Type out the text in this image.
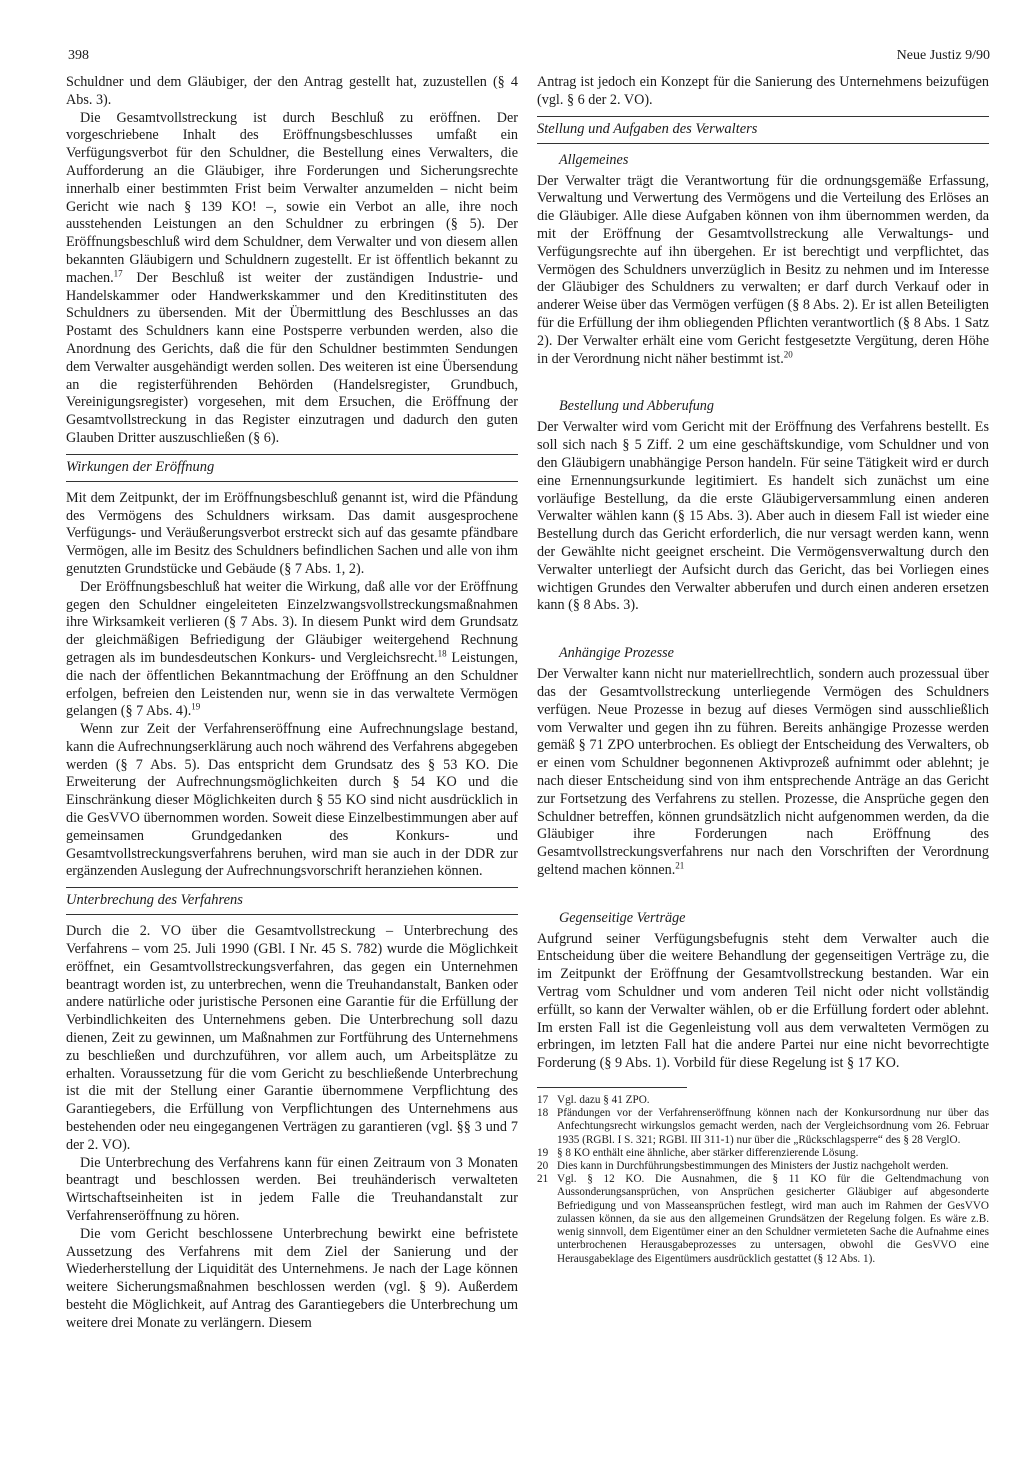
398	Neue Justiz 9/90

Schuldner und dem Gläubiger, der den Antrag gestellt hat, zuzustellen (§ 4 Abs. 3).

Die Gesamtvollstreckung ist durch Beschluß zu eröffnen. Der vorgeschriebene Inhalt des Eröffnungsbeschlusses umfaßt ein Verfügungsverbot für den Schuldner, die Bestellung eines Verwalters, die Aufforderung an die Gläubiger, ihre Forderungen und Sicherungsrechte innerhalb einer bestimmten Frist beim Verwalter anzumelden – nicht beim Gericht wie nach § 139 KO! –, sowie ein Verbot an alle, ihre noch ausstehenden Leistungen an den Schuldner zu erbringen (§ 5). Der Eröffnungsbeschluß wird dem Schuldner, dem Verwalter und von diesem allen bekannten Gläubigern und Schuldnern zugestellt. Er ist öffentlich bekannt zu machen.$^{17}$ Der Beschluß ist weiter der zuständigen Industrie- und Handelskammer oder Handwerkskammer und den Kreditinstituten des Schuldners zu übersenden. Mit der Übermittlung des Beschlusses an das Postamt des Schuldners kann eine Postsperre verbunden werden, also die Anordnung des Gerichts, daß die für den Schuldner bestimmten Sendungen dem Verwalter ausgehändigt werden sollen. Des weiteren ist eine Übersendung an die registerführenden Behörden (Handelsregister, Grundbuch, Vereinigungsregister) vorgesehen, mit dem Ersuchen, die Eröffnung der Gesamtvollstreckung in das Register einzutragen und dadurch den guten Glauben Dritter auszuschließen (§ 6).

Wirkungen der Eröffnung

Mit dem Zeitpunkt, der im Eröffnungsbeschluß genannt ist, wird die Pfändung des Vermögens des Schuldners wirksam. Das damit ausgesprochene Verfügungs- und Veräußerungsverbot erstreckt sich auf das gesamte pfändbare Vermögen, alle im Besitz des Schuldners befindlichen Sachen und alle von ihm genutzten Grundstücke und Gebäude (§ 7 Abs. 1, 2).

Der Eröffnungsbeschluß hat weiter die Wirkung, daß alle vor der Eröffnung gegen den Schuldner eingeleiteten Einzelzwangsvollstreckungsmaßnahmen ihre Wirksamkeit verlieren (§ 7 Abs. 3). In diesem Punkt wird dem Grundsatz der gleichmäßigen Befriedigung der Gläubiger weitergehend Rechnung getragen als im bundesdeutschen Konkurs- und Vergleichsrecht.$^{18}$ Leistungen, die nach der öffentlichen Bekanntmachung der Eröffnung an den Schuldner erfolgen, befreien den Leistenden nur, wenn sie in das verwaltete Vermögen gelangen (§ 7 Abs. 4).$^{19}$

Wenn zur Zeit der Verfahrenseröffnung eine Aufrechnungslage bestand, kann die Aufrechnungserklärung auch noch während des Verfahrens abgegeben werden (§ 7 Abs. 5). Das entspricht dem Grundsatz des § 53 KO. Die Erweiterung der Aufrechnungsmöglichkeiten durch § 54 KO und die Einschränkung dieser Möglichkeiten durch § 55 KO sind nicht ausdrücklich in die GesVVO übernommen worden. Soweit diese Einzelbestimmungen aber auf gemeinsamen Grundgedanken des Konkurs- und Gesamtvollstreckungsverfahrens beruhen, wird man sie auch in der DDR zur ergänzenden Auslegung der Aufrechnungsvorschrift heranziehen können.

Unterbrechung des Verfahrens

Durch die 2. VO über die Gesamtvollstreckung – Unterbrechung des Verfahrens – vom 25. Juli 1990 (GBl. I Nr. 45 S. 782) wurde die Möglichkeit eröffnet, ein Gesamtvollstreckungsverfahren, das gegen ein Unternehmen beantragt worden ist, zu unterbrechen, wenn die Treuhandanstalt, Banken oder andere natürliche oder juristische Personen eine Garantie für die Erfüllung der Verbindlichkeiten des Unternehmens geben. Die Unterbrechung soll dazu dienen, Zeit zu gewinnen, um Maßnahmen zur Fortführung des Unternehmens zu beschließen und durchzuführen, vor allem auch, um Arbeitsplätze zu erhalten. Voraussetzung für die vom Gericht zu beschließende Unterbrechung ist die mit der Stellung einer Garantie übernommene Verpflichtung des Garantiegebers, die Erfüllung von Verpflichtungen des Unternehmens aus bestehenden oder neu eingegangenen Verträgen zu garantieren (vgl. §§ 3 und 7 der 2. VO).

Die Unterbrechung des Verfahrens kann für einen Zeitraum von 3 Monaten beantragt und beschlossen werden. Bei treuhänderisch verwalteten Wirtschaftseinheiten ist in jedem Falle die Treuhandanstalt zur Verfahrenseröffnung zu hören.

Die vom Gericht beschlossene Unterbrechung bewirkt eine befristete Aussetzung des Verfahrens mit dem Ziel der Sanierung und der Wiederherstellung der Liquidität des Unternehmens. Je nach der Lage können weitere Sicherungsmaßnahmen beschlossen werden (vgl. § 9). Außerdem besteht die Möglichkeit, auf Antrag des Garantiegebers die Unterbrechung um weitere drei Monate zu verlängern. Diesem

Antrag ist jedoch ein Konzept für die Sanierung des Unternehmens beizufügen (vgl. § 6 der 2. VO).

Stellung und Aufgaben des Verwalters
Allgemeines

Der Verwalter trägt die Verantwortung für die ordnungsgemäße Erfassung, Verwaltung und Verwertung des Vermögens und die Verteilung des Erlöses an die Gläubiger. Alle diese Aufgaben können von ihm übernommen werden, da mit der Eröffnung der Gesamtvollstreckung alle Verwaltungs- und Verfügungsrechte auf ihn übergehen. Er ist berechtigt und verpflichtet, das Vermögen des Schuldners unverzüglich in Besitz zu nehmen und im Interesse der Gläubiger des Schuldners zu verwalten; er darf durch Verkauf oder in anderer Weise über das Vermögen verfügen (§ 8 Abs. 2). Er ist allen Beteiligten für die Erfüllung der ihm obliegenden Pflichten verantwortlich (§ 8 Abs. 1 Satz 2). Der Verwalter erhält eine vom Gericht festgesetzte Vergütung, deren Höhe in der Verordnung nicht näher bestimmt ist.$^{20}$

Bestellung und Abberufung

Der Verwalter wird vom Gericht mit der Eröffnung des Verfahrens bestellt. Es soll sich nach § 5 Ziff. 2 um eine geschäftskundige, vom Schuldner und von den Gläubigern unabhängige Person handeln. Für seine Tätigkeit wird er durch eine Ernennungsurkunde legitimiert. Es handelt sich zunächst um eine vorläufige Bestellung, da die erste Gläubigerversammlung einen anderen Verwalter wählen kann (§ 15 Abs. 3). Aber auch in diesem Fall ist wieder eine Bestellung durch das Gericht erforderlich, die nur versagt werden kann, wenn der Gewählte nicht geeignet erscheint. Die Vermögensverwaltung durch den Verwalter unterliegt der Aufsicht durch das Gericht, das bei Vorliegen eines wichtigen Grundes den Verwalter abberufen und durch einen anderen ersetzen kann (§ 8 Abs. 3).

Anhängige Prozesse

Der Verwalter kann nicht nur materiellrechtlich, sondern auch prozessual über das der Gesamtvollstreckung unterliegende Vermögen des Schuldners verfügen. Neue Prozesse in bezug auf dieses Vermögen sind ausschließlich vom Verwalter und gegen ihn zu führen. Bereits anhängige Prozesse werden gemäß § 71 ZPO unterbrochen. Es obliegt der Entscheidung des Verwalters, ob er einen vom Schuldner begonnenen Aktivprozeß aufnimmt oder ablehnt; je nach dieser Entscheidung sind von ihm entsprechende Anträge an das Gericht zur Fortsetzung des Verfahrens zu stellen. Prozesse, die Ansprüche gegen den Schuldner betreffen, können grundsätzlich nicht aufgenommen werden, da die Gläubiger ihre Forderungen nach Eröffnung des Gesamtvollstreckungsverfahrens nur nach den Vorschriften der Verordnung geltend machen können.$^{21}$

Gegenseitige Verträge

Aufgrund seiner Verfügungsbefugnis steht dem Verwalter auch die Entscheidung über die weitere Behandlung der gegenseitigen Verträge zu, die im Zeitpunkt der Eröffnung der Gesamtvollstreckung bestanden. War ein Vertrag vom Schuldner und vom anderen Teil nicht oder nicht vollständig erfüllt, so kann der Verwalter wählen, ob er die Erfüllung fordert oder ablehnt. Im ersten Fall ist die Gegenleistung voll aus dem verwalteten Vermögen zu erbringen, im letzten Fall hat die andere Partei nur eine nicht bevorrechtigte Forderung (§ 9 Abs. 1). Vorbild für diese Regelung ist § 17 KO.

17 Vgl. dazu § 41 ZPO.
18 Pfändungen vor der Verfahrenseröffnung können nach der Konkursordnung nur über das Anfechtungsrecht wirkungslos gemacht werden, nach der Vergleichsordnung vom 26. Februar 1935 (RGBl. I S. 321; RGBl. III 311-1) nur über die „Rückschlagsperre“ des § 28 VerglO.
19 § 8 KO enthält eine ähnliche, aber stärker differenzierende Lösung.
20 Dies kann in Durchführungsbestimmungen des Ministers der Justiz nachgeholt werden.
21 Vgl. § 12 KO. Die Ausnahmen, die § 11 KO für die Geltendmachung von Aussonderungsansprüchen, von Ansprüchen gesicherter Gläubiger auf abgesonderte Befriedigung und von Masseansprüchen festlegt, wird man auch im Rahmen der GesVVO zulassen können, da sie aus den allgemeinen Grundsätzen der Regelung folgen. Es wäre z.B. wenig sinnvoll, dem Eigentümer einer an den Schuldner vermieteten Sache die Aufnahme eines unterbrochenen Herausgabeprozesses zu untersagen, obwohl die GesVVO eine Herausgabeklage des Eigentümers ausdrücklich gestattet (§ 12 Abs. 1).
